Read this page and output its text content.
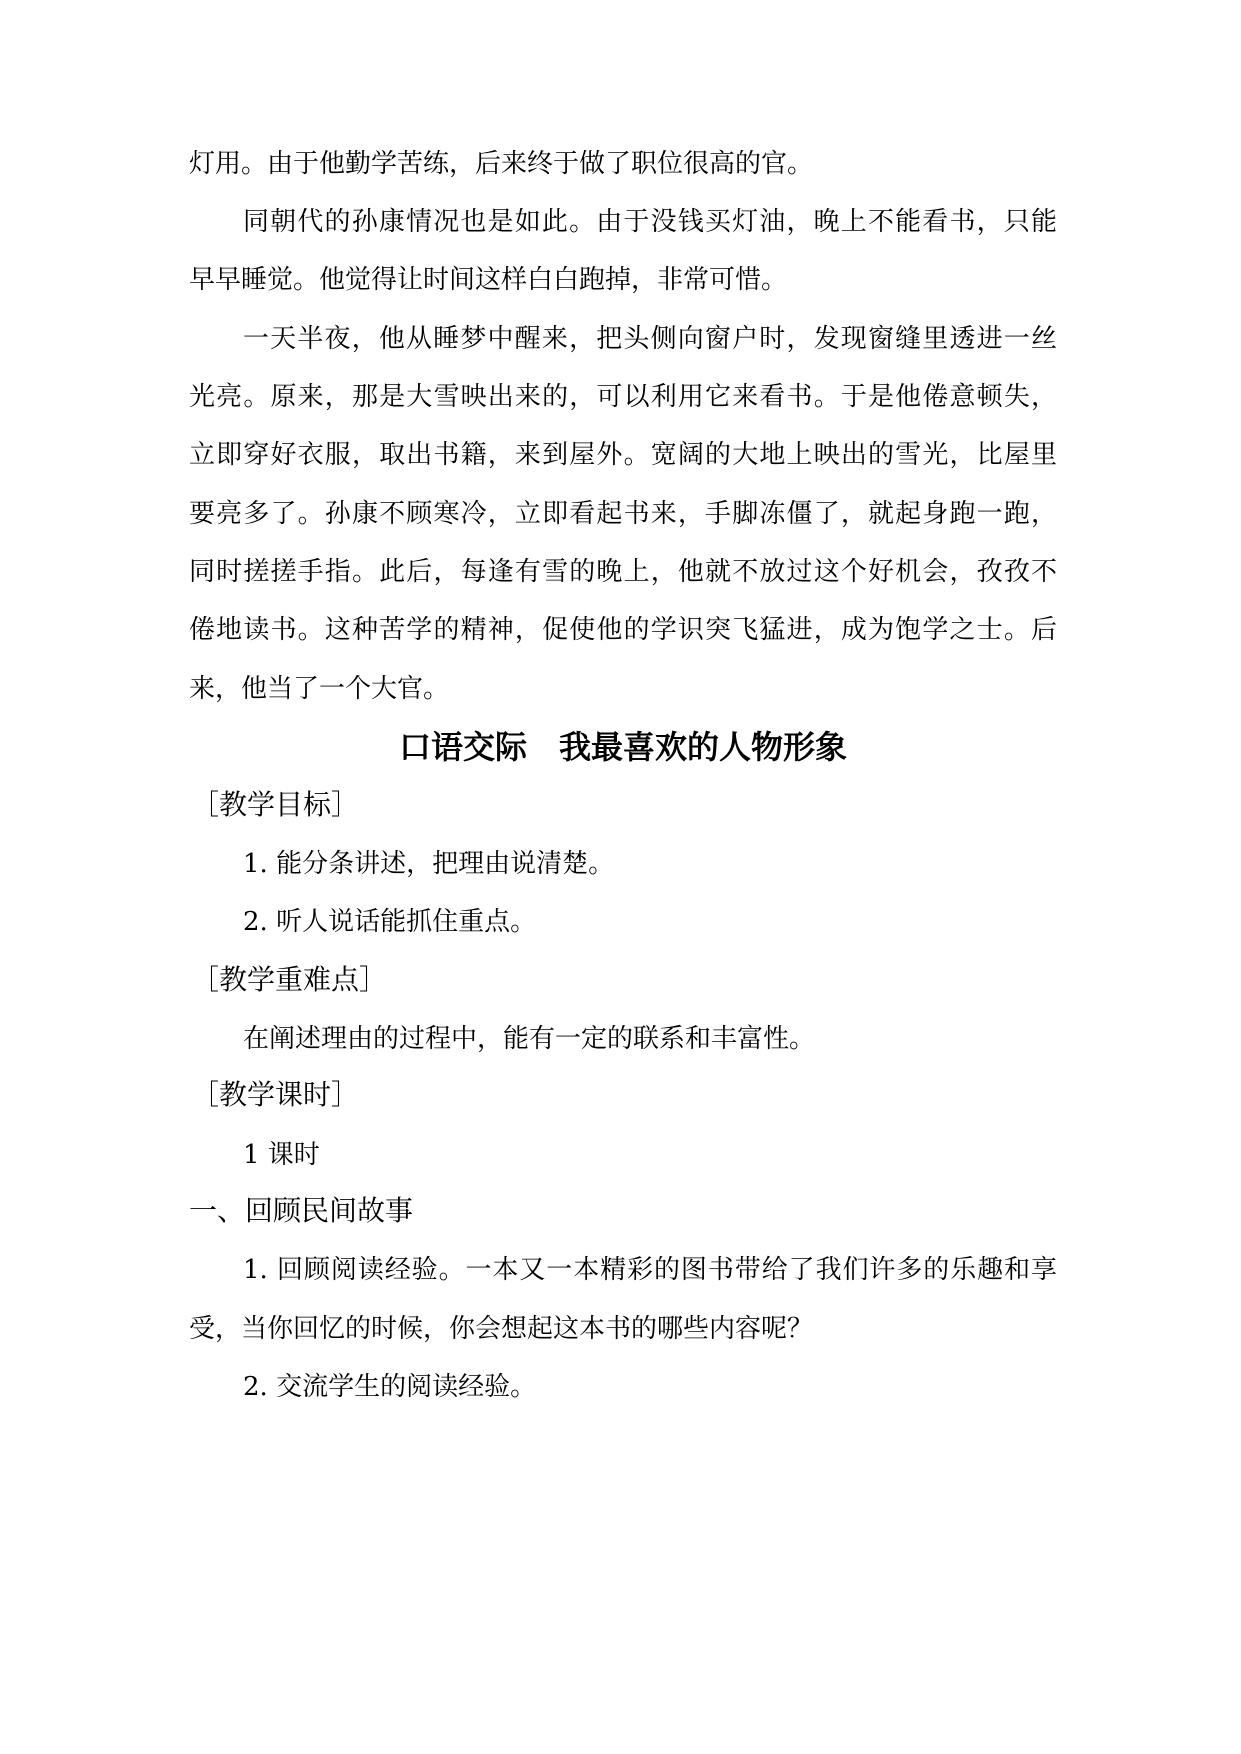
灯用。由于他勤学苦练，后来终于做了职位很高的官。
同朝代的孙康情况也是如此。由于没钱买灯油，晚上不能看书，只能
早早睡觉。他觉得让时间这样白白跑掉，非常可惜。
一天半夜，他从睡梦中醒来，把头侧向窗户时，发现窗缝里透进一丝
光亮。原来，那是大雪映出来的，可以利用它来看书。于是他倦意顿失，
立即穿好衣服，取出书籍，来到屋外。宽阔的大地上映出的雪光，比屋里
要亮多了。孙康不顾寒冷，立即看起书来，手脚冻僵了，就起身跑一跑，
同时搓搓手指。此后，每逢有雪的晚上，他就不放过这个好机会，孜孜不
倦地读书。这种苦学的精神，促使他的学识突飞猛进，成为饱学之士。后
来，他当了一个大官。
口语交际　我最喜欢的人物形象
［教学目标］
1. 能分条讲述，把理由说清楚。
2. 听人说话能抓住重点。
［教学重难点］
在阐述理由的过程中，能有一定的联系和丰富性。
［教学课时］
1 课时
一、回顾民间故事
1. 回顾阅读经验。一本又一本精彩的图书带给了我们许多的乐趣和享
受，当你回忆的时候，你会想起这本书的哪些内容呢？
2. 交流学生的阅读经验。
